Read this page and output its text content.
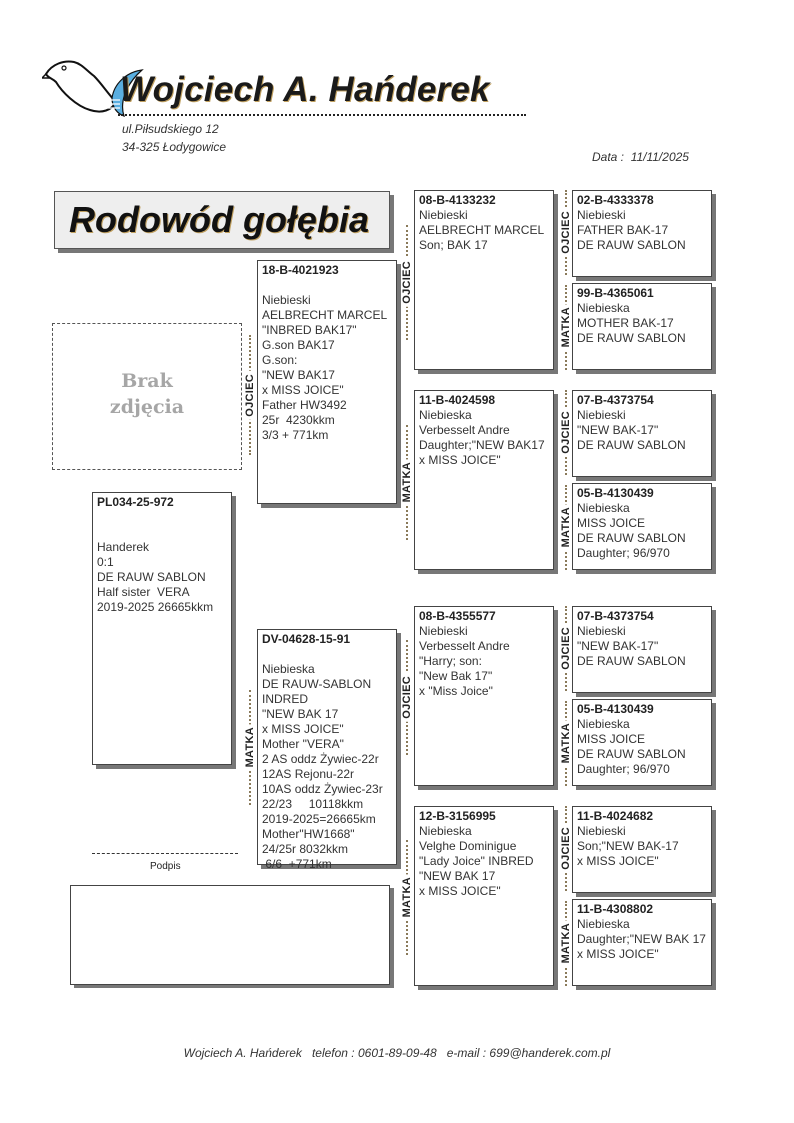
Wojciech A. Hańderek
ul.Piłsudskiego 12
34-325 Łodygowice
Data : 11/11/2025
Rodowód gołębia
Brak
zdjęcia
PL034-25-972

Handerek
0:1
DE RAUW SABLON
Half sister  VERA
2019-2025 26665kkm
18-B-4021923

Niebieski
AELBRECHT MARCEL
"INBRED BAK17"
G.son BAK17
G.son:
"NEW BAK17
x MISS JOICE"
Father HW3492
25r  4230kkm
3/3 + 771km
DV-04628-15-91

Niebieska
DE RAUW-SABLON
INDRED
"NEW BAK 17
x MISS JOICE"
Mother "VERA"
2 AS oddz Żywiec-22r
12AS Rejonu-22r
10AS oddz Żywiec-23r
22/23     10118kkm
2019-2025=26665km
Mother"HW1668"
24/25r 8032kkm
6/6  +771km
08-B-4133232
Niebieski
AELBRECHT MARCEL
Son; BAK 17
11-B-4024598
Niebieska
Verbesselt Andre
Daughter;"NEW BAK17
x MISS JOICE"
08-B-4355577
Niebieski
Verbesselt Andre
"Harry; son:
"New Bak 17"
x "Miss Joice"
12-B-3156995
Niebieska
Velghe Dominigue
"Lady Joice" INBRED
"NEW BAK 17
x MISS JOICE"
02-B-4333378
Niebieski
FATHER BAK-17
DE RAUW SABLON
99-B-4365061
Niebieska
MOTHER BAK-17
DE RAUW SABLON
07-B-4373754
Niebieski
"NEW BAK-17"
DE RAUW SABLON
05-B-4130439
Niebieska
MISS JOICE
DE RAUW SABLON
Daughter; 96/970
07-B-4373754
Niebieski
"NEW BAK-17"
DE RAUW SABLON
05-B-4130439
Niebieska
MISS JOICE
DE RAUW SABLON
Daughter; 96/970
11-B-4024682
Niebieski
Son;"NEW BAK-17
x MISS JOICE"
11-B-4308802
Niebieska
Daughter;"NEW BAK 17
x MISS JOICE"
OJCIEC
MATKA
OJCIEC
MATKA
OJCIEC
MATKA
OJCIEC
MATKA
OJCIEC
MATKA
OJCIEC
MATKA
OJCIEC
MATKA
Podpis
Wojciech A. Hańderek telefon : 0601-89-09-48 e-mail : 699@handerek.com.pl
